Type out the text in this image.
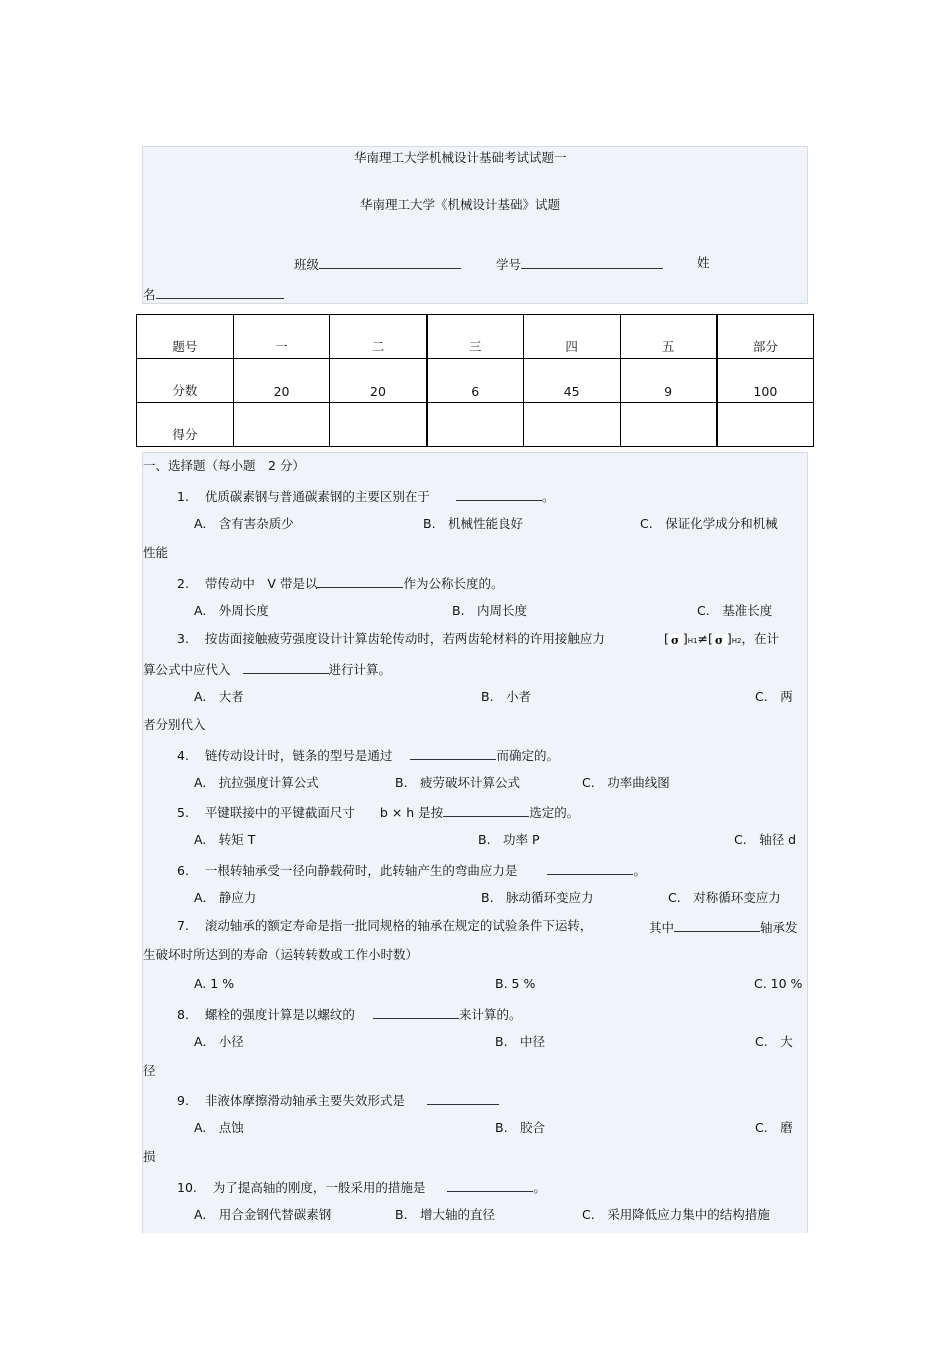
华南理工大学机械设计基础考试试题一
华南理工大学《机械设计基础》试题
班级	学号	姓
名
题号	一	二	三	四	五	部分
分数	20	20	6	45	9	100
得分						
一、选择题（每小题　2 分）
1. 优质碳素钢与普通碳素钢的主要区别在于	。
A.　含有害杂质少	B.　机械性能良好	C.　保证化学成分和机械
性能
2. 带传动中　V 带是以	作为公称长度的。
A.　外周长度	B.　内周长度	C.　基准长度
3. 按齿面接触疲劳强度设计计算齿轮传动时，若两齿轮材料的许用接触应力	[ σ ]H1≠[ σ ]H2，在计
算公式中应代入	进行计算。
A.　大者	B.　小者	C.　两
者分别代入
4. 链传动设计时，链条的型号是通过	而确定的。
A.　抗拉强度计算公式	B.　疲劳破坏计算公式	C.　功率曲线图
5. 平键联接中的平键截面尺寸　　b × h 是按	选定的。
A.　转矩 T	B.　功率 P	C.　轴径 d
6. 一根转轴承受一径向静载荷时，此转轴产生的弯曲应力是	。
A.　静应力	B.　脉动循环变应力	C.　对称循环变应力
7. 滚动轴承的额定寿命是指一批同规格的轴承在规定的试验条件下运转，	其中	轴承发
生破坏时所达到的寿命（运转转数或工作小时数）
A. 1 %	B. 5 %	C. 10 %
8. 螺栓的强度计算是以螺纹的	来计算的。
A.　小径	B.　中径	C.　大
径
9. 非液体摩擦滑动轴承主要失效形式是
A.　点蚀	B.　胶合	C.　磨
损
10. 为了提高轴的刚度，一般采用的措施是	。
A.　用合金钢代替碳素钢	B.　增大轴的直径	C.　采用降低应力集中的结构措施
